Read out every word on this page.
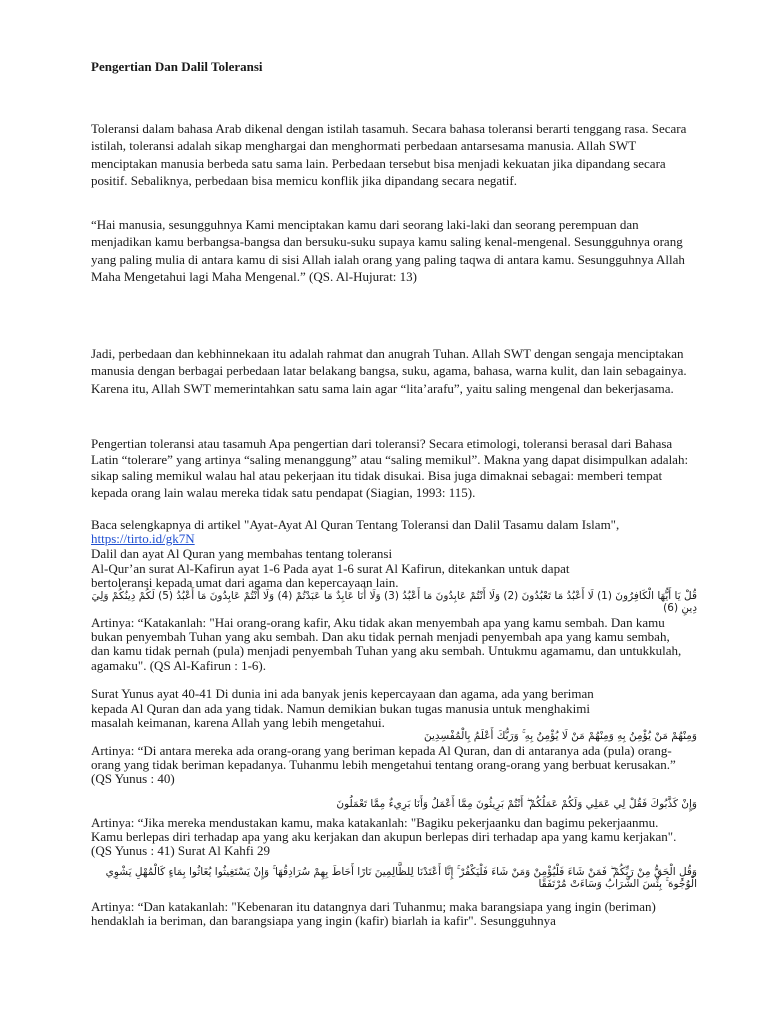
Pengertian Dan Dalil Toleransi

Toleransi dalam bahasa Arab dikenal dengan istilah tasamuh. Secara bahasa toleransi berarti tenggang rasa. Secara istilah, toleransi adalah sikap menghargai dan menghormati perbedaan antarsesama manusia. Allah SWT menciptakan manusia berbeda satu sama lain. Perbedaan tersebut bisa menjadi kekuatan jika dipandang secara positif. Sebaliknya, perbedaan bisa memicu konflik jika dipandang secara negatif.

“Hai manusia, sesungguhnya Kami menciptakan kamu dari seorang laki-laki dan seorang perempuan dan menjadikan kamu berbangsa-bangsa dan bersuku-suku supaya kamu saling kenal-mengenal. Sesungguhnya orang yang paling mulia di antara kamu di sisi Allah ialah orang yang paling taqwa di antara kamu. Sesungguhnya Allah Maha Mengetahui lagi Maha Mengenal.” (QS. Al-Hujurat: 13)

Jadi, perbedaan dan kebhinnekaan itu adalah rahmat dan anugrah Tuhan. Allah SWT dengan sengaja menciptakan manusia dengan berbagai perbedaan latar belakang bangsa, suku, agama, bahasa, warna kulit, dan lain sebagainya. Karena itu, Allah SWT memerintahkan satu sama lain agar “lita’arafu”, yaitu saling mengenal dan bekerjasama.

Pengertian toleransi atau tasamuh Apa pengertian dari toleransi? Secara etimologi, toleransi berasal dari Bahasa Latin “tolerare” yang artinya “saling menanggung” atau “saling memikul”. Makna yang dapat disimpulkan adalah: sikap saling memikul walau hal atau pekerjaan itu tidak disukai. Bisa juga dimaknai sebagai: memberi tempat kepada orang lain walau mereka tidak satu pendapat (Siagian, 1993: 115).

Baca selengkapnya di artikel "Ayat-Ayat Al Quran Tentang Toleransi dan Dalil Tasamu dalam Islam", https://tirto.id/gk7N

Dalil dan ayat Al Quran yang membahas tentang toleransi

Al-Qur’an surat Al-Kafirun ayat 1-6 Pada ayat 1-6 surat Al Kafirun, ditekankan untuk dapat

bertoleransi kepada umat dari agama dan kepercayaan lain.

قُلْ يَا أَيُّهَا الْكَافِرُونَ (1) لَا أَعْبُدُ مَا تَعْبُدُونَ (2) وَلَا أَنْتُمْ عَابِدُونَ مَا أَعْبُدُ (3) وَلَا أَنَا عَابِدٌ مَا عَبَدْتُمْ (4) وَلَا أَنْتُمْ عَابِدُونَ مَا أَعْبُدُ (5) لَكُمْ دِينُكُمْ وَلِيَ دِينِ (6)

Artinya: “Katakanlah: "Hai orang-orang kafir, Aku tidak akan menyembah apa yang kamu sembah. Dan kamu bukan penyembah Tuhan yang aku sembah. Dan aku tidak pernah menjadi penyembah apa yang kamu sembah, dan kamu tidak pernah (pula) menjadi penyembah Tuhan yang aku sembah. Untukmu agamamu, dan untukkulah, agamaku". (QS Al-Kafirun : 1-6).

Surat Yunus ayat 40-41 Di dunia ini ada banyak jenis kepercayaan dan agama, ada yang beriman

kepada Al Quran dan ada yang tidak. Namun demikian bukan tugas manusia untuk menghakimi

masalah keimanan, karena Allah yang lebih mengetahui.

وَمِنْهُمْ مَنْ يُؤْمِنُ بِهِ وَمِنْهُمْ مَنْ لَا يُؤْمِنُ بِهِ ۚ وَرَبُّكَ أَعْلَمُ بِالْمُفْسِدِينَ

Artinya: “Di antara mereka ada orang-orang yang beriman kepada Al Quran, dan di antaranya ada (pula) orang-orang yang tidak beriman kepadanya. Tuhanmu lebih mengetahui tentang orang-orang yang berbuat kerusakan.” (QS Yunus : 40)

وَإِنْ كَذَّبُوكَ فَقُلْ لِي عَمَلِي وَلَكُمْ عَمَلُكُمْ ۖ أَنْتُمْ بَرِيئُونَ مِمَّا أَعْمَلُ وَأَنَا بَرِيءٌ مِمَّا تَعْمَلُونَ

Artinya: “Jika mereka mendustakan kamu, maka katakanlah: "Bagiku pekerjaanku dan bagimu pekerjaanmu. Kamu berlepas diri terhadap apa yang aku kerjakan dan akupun berlepas diri terhadap apa yang kamu kerjakan". (QS Yunus : 41) Surat Al Kahfi 29

وَقُلِ الْحَقُّ مِنْ رَبِّكُمْ ۖ فَمَنْ شَاءَ فَلْيُؤْمِنْ وَمَنْ شَاءَ فَلْيَكْفُرْ ۚ إِنَّا أَعْتَدْنَا لِلظَّالِمِينَ نَارًا أَحَاطَ بِهِمْ سُرَادِقُهَا ۚ وَإِنْ يَسْتَغِيثُوا يُغَاثُوا بِمَاءٍ كَالْمُهْلِ يَشْوِي الْوُجُوهَ ۚ بِئْسَ الشَّرَابُ وَسَاءَتْ مُرْتَفَقًا

Artinya: “Dan katakanlah: "Kebenaran itu datangnya dari Tuhanmu; maka barangsiapa yang ingin (beriman) hendaklah ia beriman, dan barangsiapa yang ingin (kafir) biarlah ia kafir". Sesungguhnya
